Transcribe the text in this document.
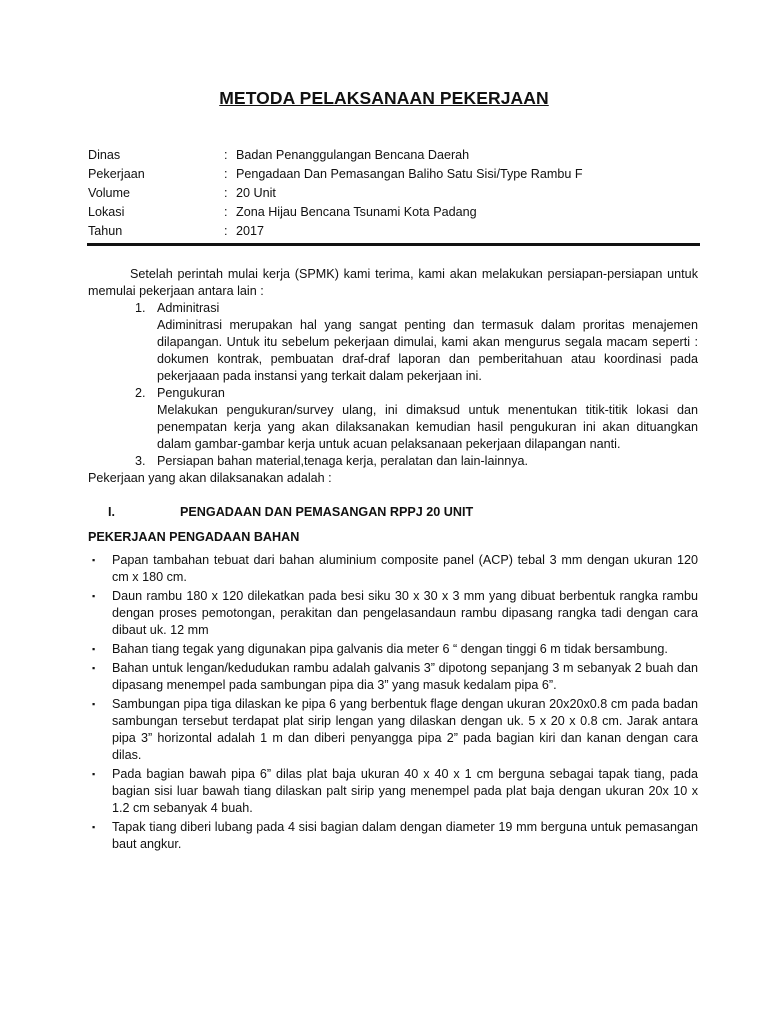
METODA PELAKSANAAN PEKERJAAN
Dinas	: Badan Penanggulangan Bencana Daerah
Pekerjaan	: Pengadaan Dan Pemasangan Baliho Satu Sisi/Type Rambu F
Volume	: 20 Unit
Lokasi	: Zona Hijau Bencana Tsunami Kota Padang
Tahun	: 2017

Setelah perintah mulai kerja (SPMK) kami terima, kami akan melakukan persiapan-persiapan untuk memulai pekerjaan antara lain :

1. Adminitrasi
Adiminitrasi merupakan hal yang sangat penting dan termasuk dalam proritas menajemen dilapangan. Untuk itu sebelum pekerjaan dimulai, kami akan mengurus segala macam seperti : dokumen kontrak, pembuatan draf-draf laporan dan pemberitahuan atau koordinasi pada pekerjaaan pada instansi yang terkait dalam pekerjaan ini.
2. Pengukuran
Melakukan pengukuran/survey ulang, ini dimaksud untuk menentukan titik-titik lokasi dan penempatan kerja yang akan dilaksanakan kemudian hasil pengukuran ini akan dituangkan dalam gambar-gambar kerja untuk acuan pelaksanaan pekerjaan dilapangan nanti.
3. Persiapan bahan material,tenaga kerja, peralatan dan lain-lainnya.

Pekerjaan yang akan dilaksanakan adalah :

I.	PENGADAAN DAN PEMASANGAN RPPJ 20 UNIT
PEKERJAAN PENGADAAN BAHAN
▪	Papan tambahan tebuat dari bahan aluminium composite panel (ACP) tebal 3 mm dengan ukuran 120 cm x 180 cm.
▪	Daun rambu 180 x 120 dilekatkan pada besi siku 30 x 30 x 3 mm yang dibuat berbentuk rangka rambu dengan proses pemotongan, perakitan dan pengelasandaun rambu dipasang rangka tadi dengan cara dibaut uk. 12 mm
▪	Bahan tiang tegak yang digunakan pipa galvanis dia meter 6 “ dengan tinggi 6 m tidak bersambung.
▪	Bahan untuk lengan/kedudukan rambu adalah galvanis 3” dipotong sepanjang 3 m sebanyak 2 buah dan dipasang menempel pada sambungan pipa dia 3” yang masuk kedalam pipa 6”.
▪	Sambungan pipa tiga dilaskan ke pipa 6 yang berbentuk flage dengan ukuran 20x20x0.8 cm pada badan sambungan tersebut terdapat plat sirip lengan yang dilaskan dengan uk. 5 x 20 x 0.8 cm. Jarak antara pipa 3” horizontal adalah 1 m dan diberi penyangga pipa 2” pada bagian kiri dan kanan dengan cara dilas.
▪	Pada bagian bawah pipa 6” dilas plat baja ukuran 40 x 40 x 1 cm berguna sebagai tapak tiang, pada bagian sisi luar bawah tiang dilaskan palt sirip yang menempel pada plat baja dengan ukuran 20x 10 x 1.2 cm sebanyak 4 buah.
▪	Tapak tiang diberi lubang pada 4 sisi bagian dalam dengan diameter 19 mm berguna untuk pemasangan baut angkur.
